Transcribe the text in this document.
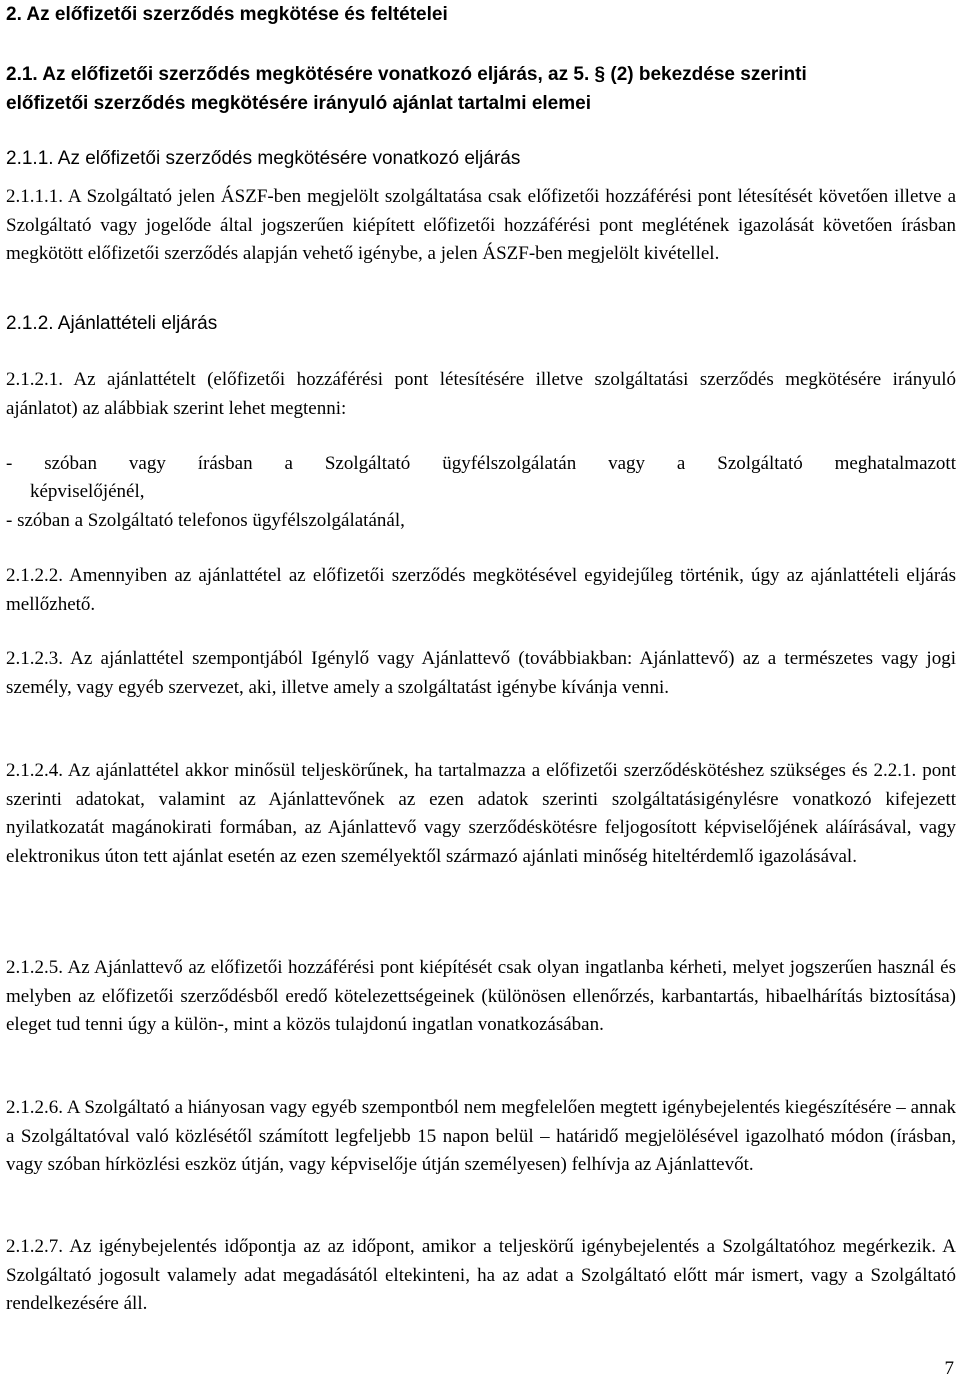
2. Az előfizetői szerződés megkötése és feltételei
2.1. Az előfizetői szerződés megkötésére vonatkozó eljárás, az 5. § (2) bekezdése szerinti
előfizetői szerződés megkötésére irányuló ajánlat tartalmi elemei
2.1.1. Az előfizetői szerződés megkötésére vonatkozó eljárás

2.1.1.1. A Szolgáltató jelen ÁSZF-ben megjelölt szolgáltatása csak előfizetői hozzáférési pont létesítését követően illetve a Szolgáltató vagy jogelőde által jogszerűen kiépített előfizetői hozzáférési pont meglétének igazolását követően írásban megkötött előfizetői szerződés alapján vehető igénybe, a jelen ÁSZF-ben megjelölt kivétellel.

2.1.2. Ajánlattételi eljárás

2.1.2.1. Az ajánlattételt (előfizetői hozzáférési pont létesítésére illetve szolgáltatási szerződés megkötésére irányuló ajánlatot) az alábbiak szerint lehet megtenni:

- szóban vagy írásban a Szolgáltató ügyfélszolgálatán vagy a Szolgáltató meghatalmazott

képviselőjénél,

- szóban a Szolgáltató telefonos ügyfélszolgálatánál,

2.1.2.2. Amennyiben az ajánlattétel az előfizetői szerződés megkötésével egyidejűleg történik, úgy az ajánlattételi eljárás mellőzhető.

2.1.2.3. Az ajánlattétel szempontjából Igénylő vagy Ajánlattevő (továbbiakban: Ajánlattevő) az a természetes vagy jogi személy, vagy egyéb szervezet, aki, illetve amely a szolgáltatást igénybe kívánja venni.

2.1.2.4. Az ajánlattétel akkor minősül teljeskörűnek, ha tartalmazza a előfizetői szerződéskötéshez szükséges és 2.2.1. pont szerinti adatokat, valamint az Ajánlattevőnek az ezen adatok szerinti szolgáltatásigénylésre vonatkozó kifejezett nyilatkozatát magánokirati formában, az Ajánlattevő vagy szerződéskötésre feljogosított képviselőjének aláírásával, vagy elektronikus úton tett ajánlat esetén az ezen személyektől származó ajánlati minőség hiteltérdemlő igazolásával.

2.1.2.5. Az Ajánlattevő az előfizetői hozzáférési pont kiépítését csak olyan ingatlanba kérheti, melyet jogszerűen használ és melyben az előfizetői szerződésből eredő kötelezettségeinek (különösen ellenőrzés, karbantartás, hibaelhárítás biztosítása) eleget tud tenni úgy a külön-, mint a közös tulajdonú ingatlan vonatkozásában.

2.1.2.6. A Szolgáltató a hiányosan vagy egyéb szempontból nem megfelelően megtett igénybejelentés kiegészítésére – annak a Szolgáltatóval való közlésétől számított legfeljebb 15 napon belül – határidő megjelölésével igazolható módon (írásban, vagy szóban hírközlési eszköz útján, vagy képviselője útján személyesen) felhívja az Ajánlattevőt.

2.1.2.7. Az igénybejelentés időpontja az az időpont, amikor a teljeskörű igénybejelentés a Szolgáltatóhoz megérkezik. A Szolgáltató jogosult valamely adat megadásától eltekinteni, ha az adat a Szolgáltató előtt már ismert, vagy a Szolgáltató rendelkezésére áll.

7
